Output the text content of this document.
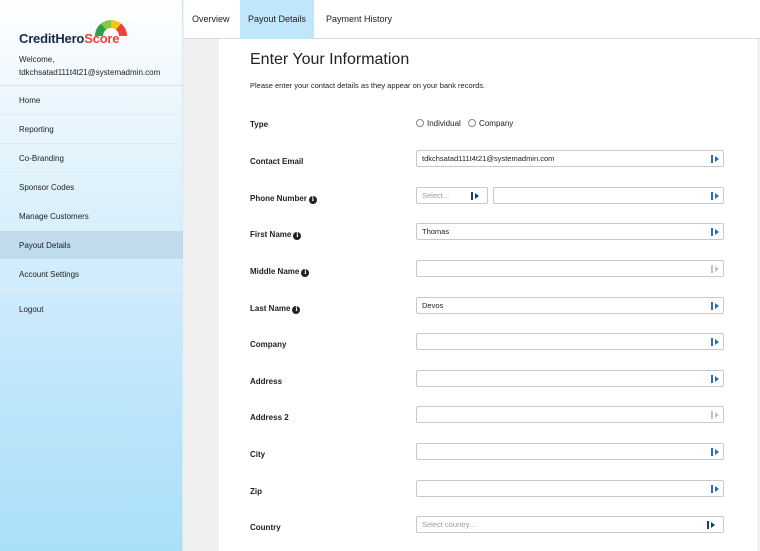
CreditHeroScore
Welcome,
tdkchsatad111t4t21@systemadmin.com
Home
Reporting
Co-Branding
Sponsor Codes
Manage Customers
Payout Details
Account Settings
Logout
Overview	Payout Details	Payment History
Enter Your Information
Please enter your contact details as they appear on your bank records.
Type	Individual Company
Contact Email	tdkchsatad111t4t21@systemadmin.com
Phone Number i	Select...
First Name i	Thomas
Middle Name i
Last Name i	Devos
Company
Address
Address 2
City
Zip
Country	Select country...
